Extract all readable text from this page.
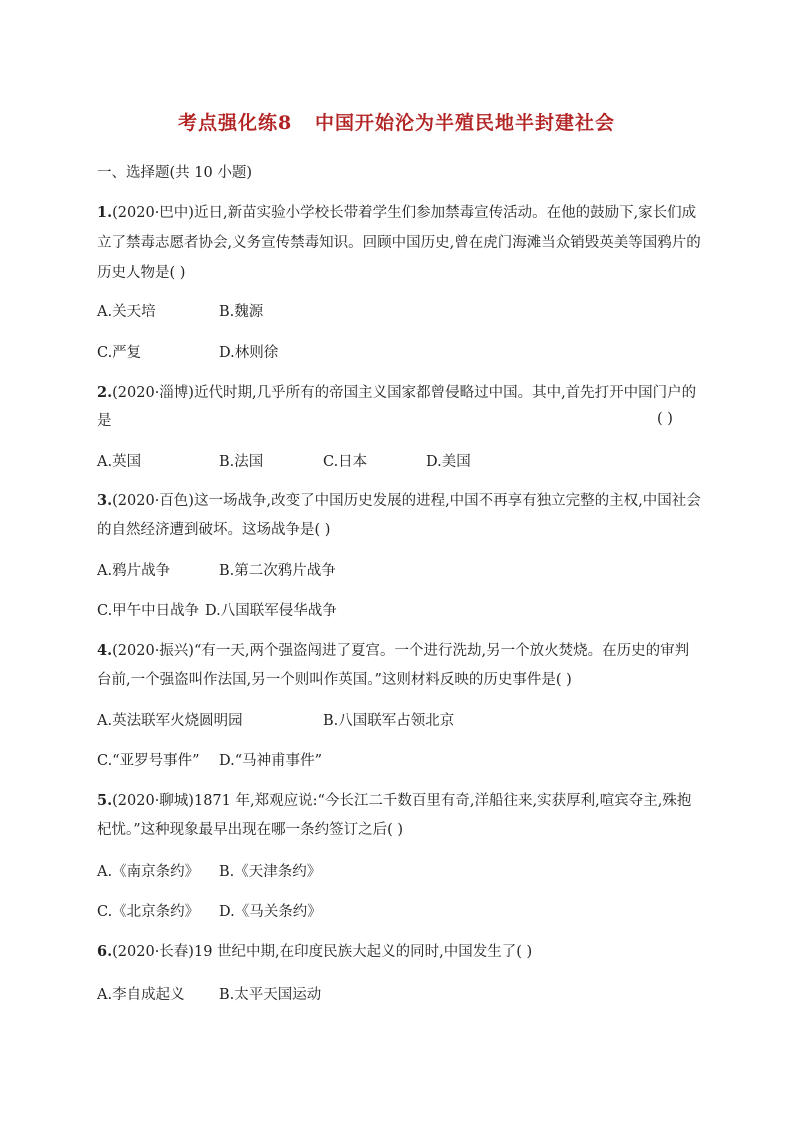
考点强化练8   中国开始沦为半殖民地半封建社会
一、选择题(共 10 小题)
1.(2020·巴中)近日,新苗实验小学校长带着学生们参加禁毒宣传活动。在他的鼓励下,家长们成
立了禁毒志愿者协会,义务宣传禁毒知识。回顾中国历史,曾在虎门海滩当众销毁英美等国鸦片的
历史人物是( )
A.关天培	B.魏源
C.严复	D.林则徐
2.(2020·淄博)近代时期,几乎所有的帝国主义国家都曾侵略过中国。其中,首先打开中国门户的
是	( )
A.英国	B.法国	C.日本	D.美国
3.(2020·百色)这一场战争,改变了中国历史发展的进程,中国不再享有独立完整的主权,中国社会
的自然经济遭到破坏。这场战争是( )
A.鸦片战争	B.第二次鸦片战争
C.甲午中日战争 D.八国联军侵华战争
4.(2020·振兴)“有一天,两个强盗闯进了夏宫。一个进行洗劫,另一个放火焚烧。在历史的审判
台前,一个强盗叫作法国,另一个则叫作英国。”这则材料反映的历史事件是( )
A.英法联军火烧圆明园	B.八国联军占领北京
C.“亚罗号事件” D.“马神甫事件”
5.(2020·聊城)1871 年,郑观应说:“今长江二千数百里有奇,洋船往来,实获厚利,喧宾夺主,殊抱
杞忧。”这种现象最早出现在哪一条约签订之后( )
A.《南京条约》 B.《天津条约》
C.《北京条约》 D.《马关条约》
6.(2020·长春)19 世纪中期,在印度民族大起义的同时,中国发生了( )
A.李自成起义 B.太平天国运动
